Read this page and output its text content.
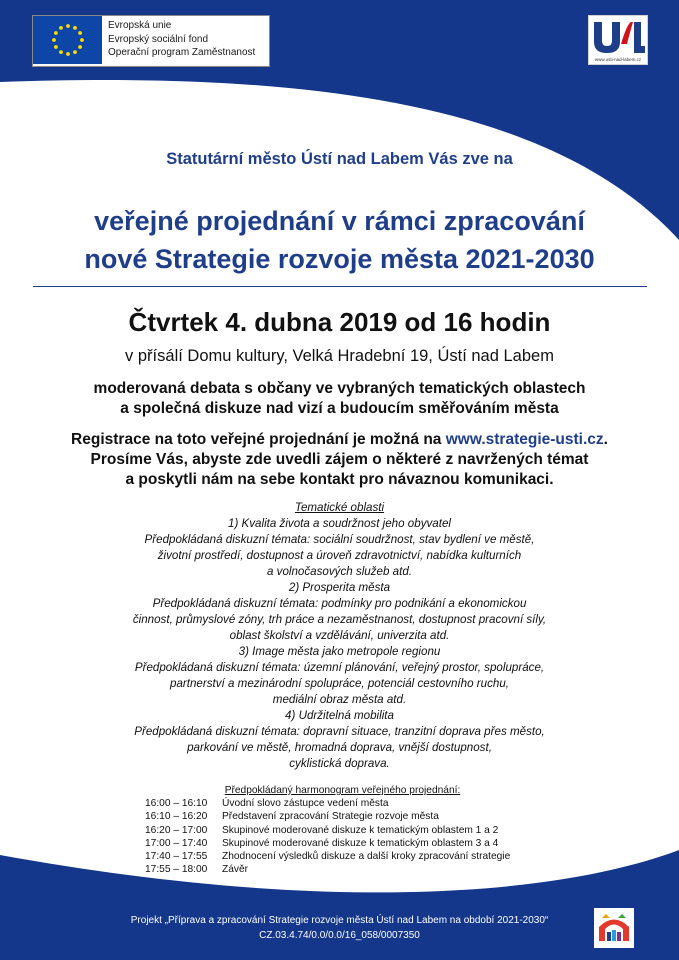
Evropská unie
Evropský sociální fond
Operační program Zaměstnanost
www.usti-nad-labem.cz
Statutární město Ústí nad Labem Vás zve na
veřejné projednání v rámci zpracování
nové Strategie rozvoje města 2021-2030
Čtvrtek 4. dubna 2019 od 16 hodin
v přísálí Domu kultury, Velká Hradební 19, Ústí nad Labem
moderovaná debata s občany ve vybraných tematických oblastech
a společná diskuze nad vizí a budoucím směřováním města
Registrace na toto veřejné projednání je možná na www.strategie-usti.cz.
Prosíme Vás, abyste zde uvedli zájem o některé z navržených témat
a poskytli nám na sebe kontakt pro návaznou komunikaci.
Tematické oblasti
1) Kvalita života a soudržnost jeho obyvatel
Předpokládaná diskuzní témata: sociální soudržnost, stav bydlení ve městě,
životní prostředí, dostupnost a úroveň zdravotnictví, nabídka kulturních
a volnočasových služeb atd.
2) Prosperita města
Předpokládaná diskuzní témata: podmínky pro podnikání a ekonomickou
činnost, průmyslové zóny, trh práce a nezaměstnanost, dostupnost pracovní síly,
oblast školství a vzdělávání, univerzita atd.
3) Image města jako metropole regionu
Předpokládaná diskuzní témata: územní plánování, veřejný prostor, spolupráce,
partnerství a mezinárodní spolupráce, potenciál cestovního ruchu,
mediální obraz města atd.
4) Udržitelná mobilita
Předpokládaná diskuzní témata: dopravní situace, tranzitní doprava přes město,
parkování ve městě, hromadná doprava, vnější dostupnost,
cyklistická doprava.
Předpokládaný harmonogram veřejného projednání:
16:00 – 16:10	Úvodní slovo zástupce vedení města
16:10 – 16:20	Představení zpracování Strategie rozvoje města
16:20 – 17:00	Skupinové moderované diskuze k tematickým oblastem 1 a 2
17:00 – 17:40	Skupinové moderované diskuze k tematickým oblastem 3 a 4
17:40 – 17:55	Zhodnocení výsledků diskuze a další kroky zpracování strategie
17:55 – 18:00	Závěr
Projekt „Příprava a zpracování Strategie rozvoje města Ústí nad Labem na období 2021-2030“
CZ.03.4.74/0.0/0.0/16_058/0007350
